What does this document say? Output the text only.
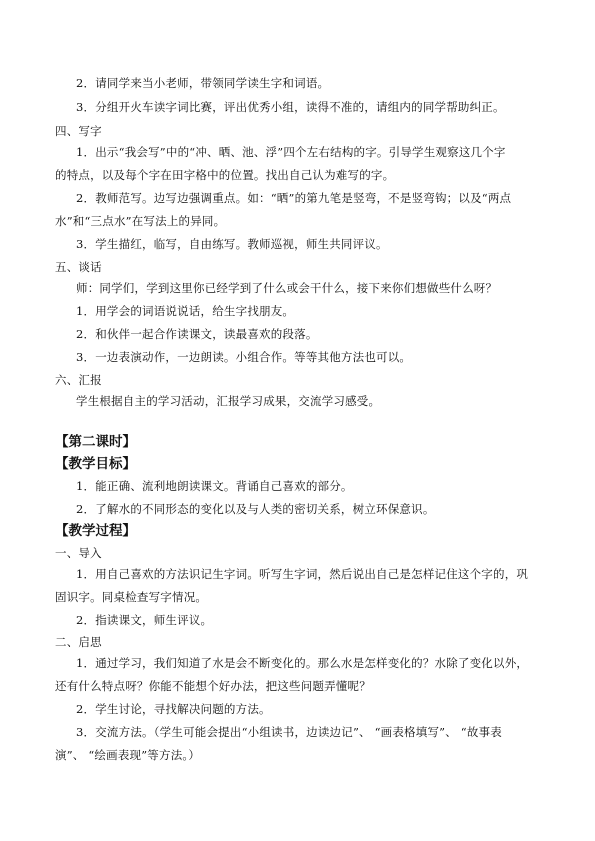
2．请同学来当小老师，带领同学读生字和词语。
3．分组开火车读字词比赛，评出优秀小组，读得不准的，请组内的同学帮助纠正。
四、写字
1．出示“我会写”中的“冲、晒、池、浮”四个左右结构的字。引导学生观察这几个字
的特点，以及每个字在田字格中的位置。找出自己认为难写的字。
2．教师范写。边写边强调重点。如：“晒”的第九笔是竖弯，不是竖弯钩；以及“两点
水”和“三点水”在写法上的异同。
3．学生描红，临写，自由练写。教师巡视，师生共同评议。
五、谈话
师：同学们，学到这里你已经学到了什么或会干什么，接下来你们想做些什么呀？
1．用学会的词语说说话，给生字找朋友。
2．和伙伴一起合作读课文，读最喜欢的段落。
3．一边表演动作，一边朗读。小组合作。等等其他方法也可以。
六、汇报
学生根据自主的学习活动，汇报学习成果，交流学习感受。
【第二课时】
【教学目标】
1．能正确、流利地朗读课文。背诵自己喜欢的部分。
2．了解水的不同形态的变化以及与人类的密切关系，树立环保意识。
【教学过程】
一、导入
1．用自己喜欢的方法识记生字词。听写生字词，然后说出自己是怎样记住这个字的，巩
固识字。同桌检查写字情况。
2．指读课文，师生评议。
二、启思
1．通过学习，我们知道了水是会不断变化的。那么水是怎样变化的？水除了变化以外，
还有什么特点呀？你能不能想个好办法，把这些问题弄懂呢？
2．学生讨论，寻找解决问题的方法。
3．交流方法。（学生可能会提出“小组读书，边读边记”、 “画表格填写”、 “故事表
演”、 “绘画表现”等方法。）
